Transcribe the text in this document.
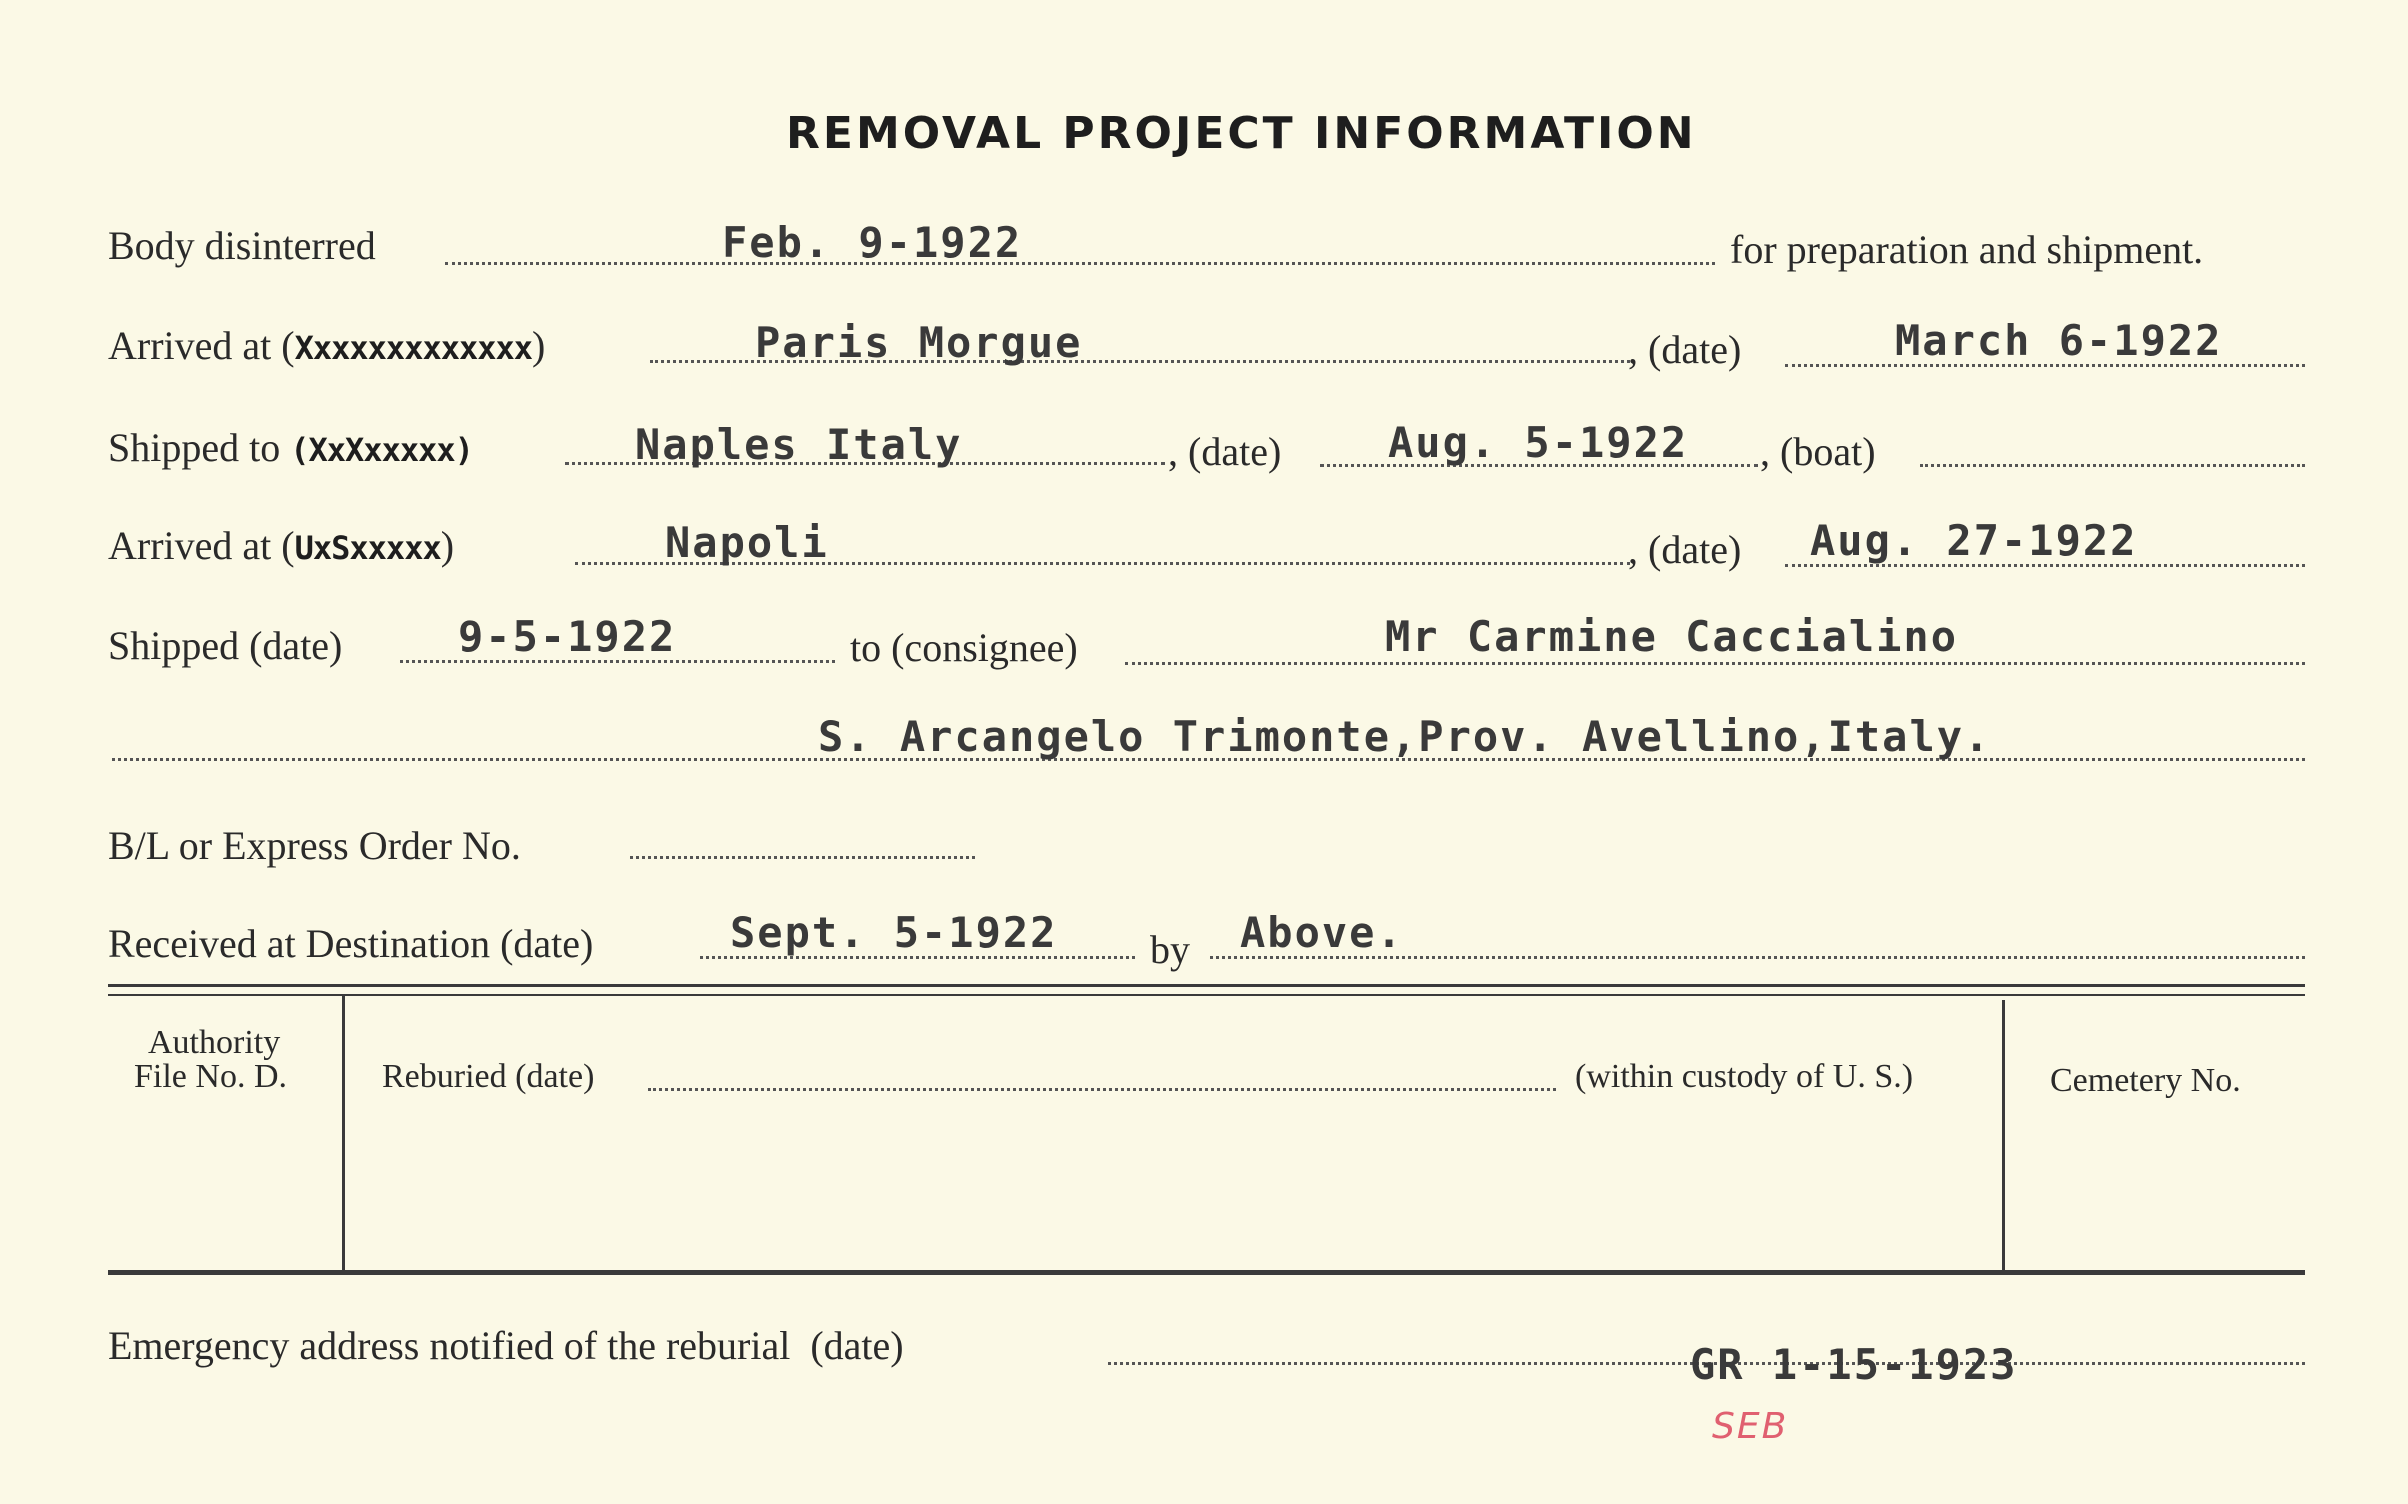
REMOVAL PROJECT INFORMATION
Body disinterred	Feb. 9-1922	for preparation and shipment.
Arrived at (Xxxxxxxxxxxxx)	Paris Morgue	, (date)	March 6-1922
Shipped to (XxXxxxxx)	Naples Italy	, (date)	Aug. 5-1922 , (boat)
Arrived at (UxSxxxxx)	Napoli	, (date) Aug. 27-1922
Shipped (date)	9-5-1922	to (consignee)	Mr Carmine Caccialino
S. Arcangelo Trimonte,Prov. Avellino,Italy.
B/L or Express Order No.
Received at Destination (date)	Sept. 5-1922 by Above.
Authority
File No. D.	Reburied (date)	(within custody of U. S.)	Cemetery No.
Emergency address notified of the reburial (date)	GR 1-15-1923
SEB
